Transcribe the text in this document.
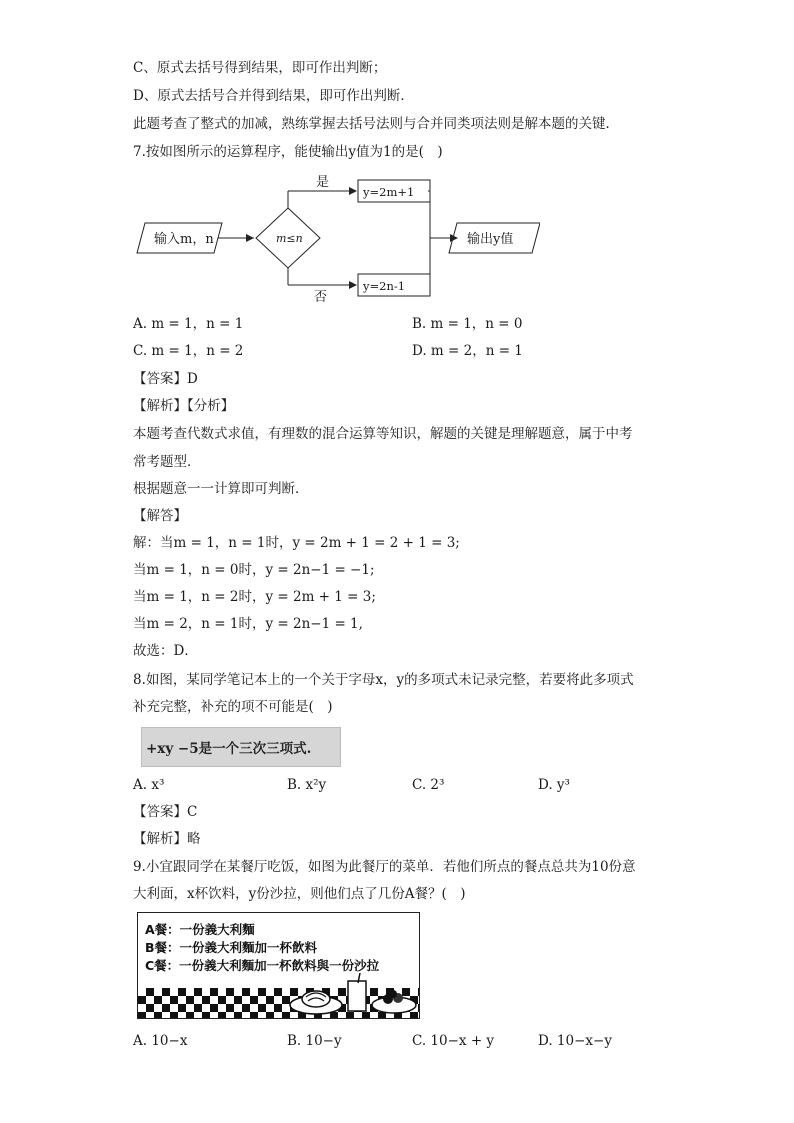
C、原式去括号得到结果，即可作出判断；
D、原式去括号合并得到结果，即可作出判断．
此题考查了整式的加减，熟练掌握去括号法则与合并同类项法则是解本题的关键．
7.按如图所示的运算程序，能使输出y值为1的是(　)
输入m，n	m≤n
是
否
y=2m+1
y=2n-1
输出y值
A. m = 1，n = 1	B. m = 1，n = 0
C. m = 1，n = 2	D. m = 2，n = 1
【答案】D
【解析】【分析】
本题考查代数式求值，有理数的混合运算等知识，解题的关键是理解题意，属于中考
常考题型．
根据题意一一计算即可判断．
【解答】
解：当m = 1，n = 1时，y = 2m + 1 = 2 + 1 = 3;
当m = 1，n = 0时，y = 2n−1 = −1;
当m = 1，n = 2时，y = 2m + 1 = 3;
当m = 2，n = 1时，y = 2n−1 = 1,
故选：D．
8.如图，某同学笔记本上的一个关于字母x，y的多项式未记录完整，若要将此多项式
补充完整，补充的项不可能是(　)
+xy −5是一个三次三项式.
A. x³	B. x²y	C. 2³	D. y³
【答案】C
【解析】略
9.小宜跟同学在某餐厅吃饭，如图为此餐厅的菜单．若他们所点的餐点总共为10份意
大利面，x杯饮料，y份沙拉，则他们点了几份A餐？(　)
A餐：一份義大利麵
B餐：一份義大利麵加一杯飲料
C餐：一份義大利麵加一杯飲料與一份沙拉
A. 10−x	B. 10−y	C. 10−x + y	D. 10−x−y
